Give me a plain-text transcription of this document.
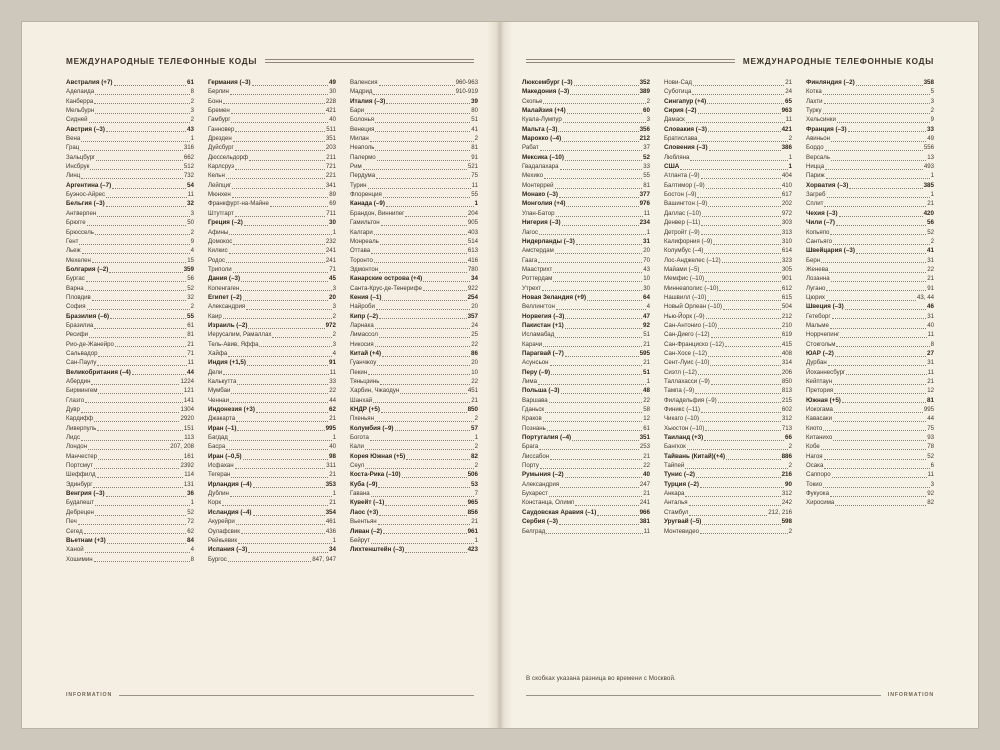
МЕЖДУНАРОДНЫЕ ТЕЛЕФОННЫЕ КОДЫ
Австралия (+7)	61
Аделаида	8
Канберра	2
Мельбурн	3
Сидней	2
Австрия (–3)	43
Вена	1
Грац	316
Зальцбург	662
Инсбрук	512
Линц	732
Аргентина (–7)	54
Буэнос-Айрес	11
Бельгия (–3)	32
Антверпен	3
Брюгге	50
Брюссель	2
Гент	9
Льеж	4
Мехелен	15
Болгария (–2)	359
Бургас	56
Варна	52
Пловдив	32
София	2
Бразилия (–6)	55
Бразилиа	61
Ресифи	81
Рио-де-Жанейро	21
Сальвадор	71
Сан-Паулу	11
Великобритания (–4)	44
Абердин	1224
Бирмингем	121
Глазго	141
Дувр	1304
Кардифф	2920
Ливерпуль	151
Лидс	113
Лондон	207, 208
Манчестер	161
Портсмут	2392
Шеффилд	114
Эдинбург	131
Венгрия (–3)	36
Будапешт	1
Дебрецен	52
Печ	72
Сегед	62
Вьетнам (+3)	84
Ханой	4
Хошимин	8
Германия (–3)	49
Берлин	30
Бонн	228
Бремен	421
Гамбург	40
Ганновер	511
Дрезден	351
Дуйсбург	203
Дюссельдорф	211
Карлсруэ	721
Кельн	221
Лейпциг	341
Мюнхен	89
Франкфурт-на-Майне	69
Штутгарт	711
Греция (–2)	30
Афины	1
Домокос	232
Килкис	241
Родос	241
Триполи	71
Дания (–3)	45
Копенгаген	3
Египет (–2)	20
Александрия	3
Каир	2
Израиль (–2)	972
Иерусалим, Рамаллах	2
Тель-Авив, Яффа	3
Хайфа	4
Индия (+1,5)	91
Дели	11
Калькутта	33
Мумбаи	22
Ченнаи	44
Индонезия (+3)	62
Джакарта	21
Иран (–1)	995
Багдад	1
Басра	40
Иран (–0,5)	98
Исфахан	311
Тегеран	21
Ирландия (–4)	353
Дублин	1
Корк	21
Исландия (–4)	354
Акурейри	461
Оулафсвик	436
Рейкьявик	1
Испания (–3)	34
Бургос	847, 947
Валенсия	960-963
Мадрид	910-919
Италия (–3)	39
Бари	80
Болонья	51
Венеция	41
Милан	2
Неаполь	81
Палермо	91
Рим	521
Пердума	75
Турин	11
Флоренция	55
Канада (–9)	1
Брандон, Виннипег	204
Гамильтон	905
Калгари	403
Монреаль	514
Оттава	613
Торонто	416
Эдмонтон	780
Канарские острова (+4)	34
Санта-Крус-де-Тенерифе	922
Кения (–1)	254
Найроби	20
Кипр (–2)	357
Ларнака	24
Лимассол	25
Никосия	22
Китай (+4)	86
Гуанчжоу	20
Пекин	10
Тяньцзинь	22
Харбин, Чжаодун	451
Шанхай	21
КНДР (+5)	850
Пхеньян	2
Колумбия (–9)	57
Богота	1
Кали	2
Корея Южная (+5)	82
Сеул	2
Коста-Рика (–10)	506
Куба (–9)	53
Гавана	7
Кувейт (–1)	965
Лаос (+3)	856
Вьентьян	21
Ливан (–2)	961
Бейрут	1
Лихтенштейн (–3)	423
INFORMATION
МЕЖДУНАРОДНЫЕ ТЕЛЕФОННЫЕ КОДЫ
Люксембург (–3)	352
Македония (–3)	389
Скопье	2
Малайзия (+4)	60
Куала-Лумпур	3
Мальта (–3)	356
Марокко (–4)	212
Рабат	37
Мексика (–10)	52
Гвадалахара	33
Мехико	55
Монтеррей	81
Монако (–3)	377
Монголия (+4)	976
Улан-Батор	11
Нигерия (–3)	234
Лагос	1
Нидерланды (–3)	31
Амстердам	20
Гаага	70
Маастрихт	43
Роттердам	10
Утрехт	30
Новая Зеландия (+9)	64
Веллингтон	4
Норвегия (–3)	47
Пакистан (+1)	92
Исламабад	51
Карачи	21
Парагвай (–7)	595
Асунсьон	21
Перу (–9)	51
Лима	1
Польша (–3)	48
Варшава	22
Гданьск	58
Краков	12
Познань	61
Португалия (–4)	351
Брага	253
Лиссабон	21
Порту	22
Румыния (–2)	40
Александрия	247
Бухарест	21
Констанца, Олимп	241
Саудовская Аравия (–1)	966
Сербия (–3)	381
Белград	11
Нови-Сад	21
Суботица	24
Сингапур (+4)	65
Сирия (–2)	963
Дамаск	11
Словакия (–3)	421
Братислава	2
Словения (–3)	386
Любляна	1
США	1
Атланта (–9)	404
Балтимор (–9)	410
Бостон (–9)	617
Вашингтон (–9)	202
Даллас (–10)	972
Денвер (–11)	303
Детройт (–9)	313
Калифорния (–9)	310
Колумбус (–4)	614
Лос-Анджелес (–12)	323
Майами (–5)	305
Мемфис (–10)	901
Миннеаполис (–10)	612
Нашвилл (–10)	615
Новый Орлеан (–10)	504
Нью-Йорк (–9)	212
Сан-Антонио (–10)	210
Сан-Диего (–12)	619
Сан-Франциско (–12)	415
Сан-Хосе (–12)	408
Сент-Луис (–10)	314
Сиэтл (–12)	206
Таллахасси (–9)	850
Тампа (–9)	813
Филадельфия (–9)	215
Финикс (–11)	602
Чикаго (–10)	312
Хьюстон (–10)	713
Таиланд (+3)	66
Бангкок	2
Тайвань (Китай)(+4)	886
Тайпей	2
Тунис (–2)	216
Турция (–2)	90
Анкара	312
Анталья	242
Стамбул	212, 216
Уругвай (–5)	598
Монтевидео	2
Финляндия (–2)	358
Котка	5
Лахти	3
Турку	2
Хельсинки	9
Франция (–3)	33
Авиньон	49
Бордо	556
Версаль	13
Ницца	493
Париж	1
Хорватия (–3)	385
Загреб	1
Сплит	21
Чехия (–3)	420
Чили (–7)	56
Копьяпо	52
Сантьяго	2
Швейцария (–3)	41
Берн	31
Женева	22
Лозанна	21
Лугано	91
Цюрих	43, 44
Швеция (–3)	46
Гетеборг	31
Мальме	40
Норрчепинг	11
Стокгольм	8
ЮАР (–2)	27
Дурбан	31
Йоханнесбург	11
Кейптаун	21
Претория	12
Южная (+5)	81
Иокогама	995
Кавасаки	44
Киото	75
Китанихо	93
Кобе	78
Нагоя	52
Осака	6
Саппоро	11
Токио	3
Фукуока	92
Хиросима	82
В скобках указана разница во времени с Москвой.
INFORMATION
